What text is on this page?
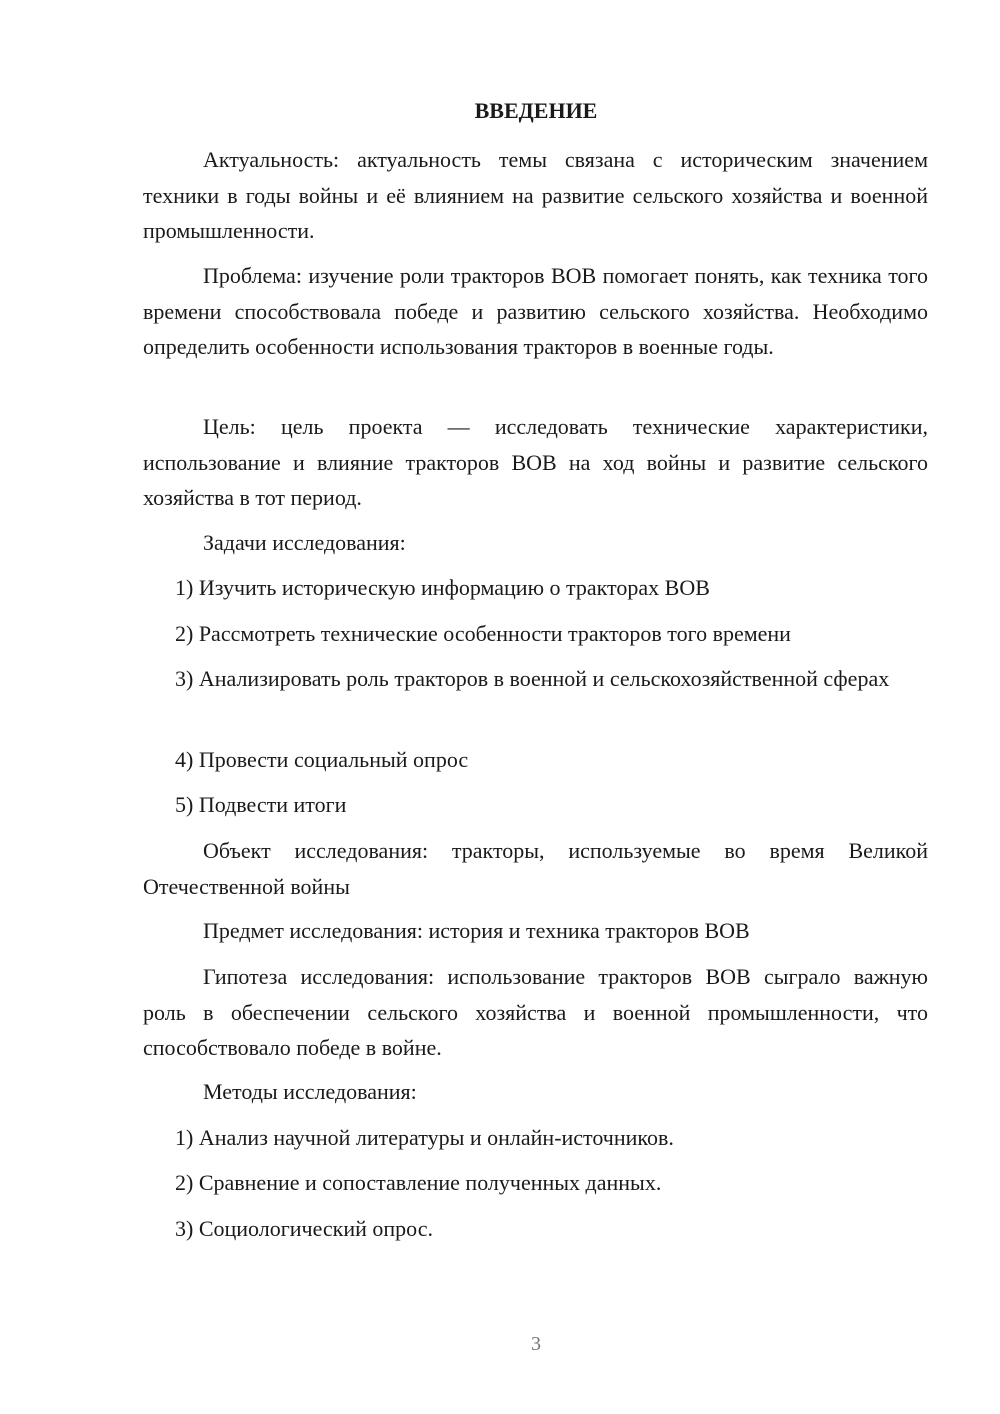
ВВЕДЕНИЕ
Актуальность: актуальность темы связана с историческим значением техники в годы войны и её влиянием на развитие сельского хозяйства и военной промышленности.
Проблема: изучение роли тракторов ВОВ помогает понять, как техника того времени способствовала победе и развитию сельского хозяйства. Необходимо определить особенности использования тракторов в военные годы.
Цель: цель проекта — исследовать технические характеристики, использование и влияние тракторов ВОВ на ход войны и развитие сельского хозяйства в тот период.
Задачи исследования:
1) Изучить историческую информацию о тракторах ВОВ
2) Рассмотреть технические особенности тракторов того времени
3) Анализировать роль тракторов в военной и сельскохозяйственной сферах
4) Провести социальный опрос
5) Подвести итоги
Объект исследования: тракторы, используемые во время Великой Отечественной войны
Предмет исследования: история и техника тракторов ВОВ
Гипотеза исследования: использование тракторов ВОВ сыграло важную роль в обеспечении сельского хозяйства и военной промышленности, что способствовало победе в войне.
Методы исследования:
1) Анализ научной литературы и онлайн-источников.
2) Сравнение и сопоставление полученных данных.
3) Социологический опрос.
3
